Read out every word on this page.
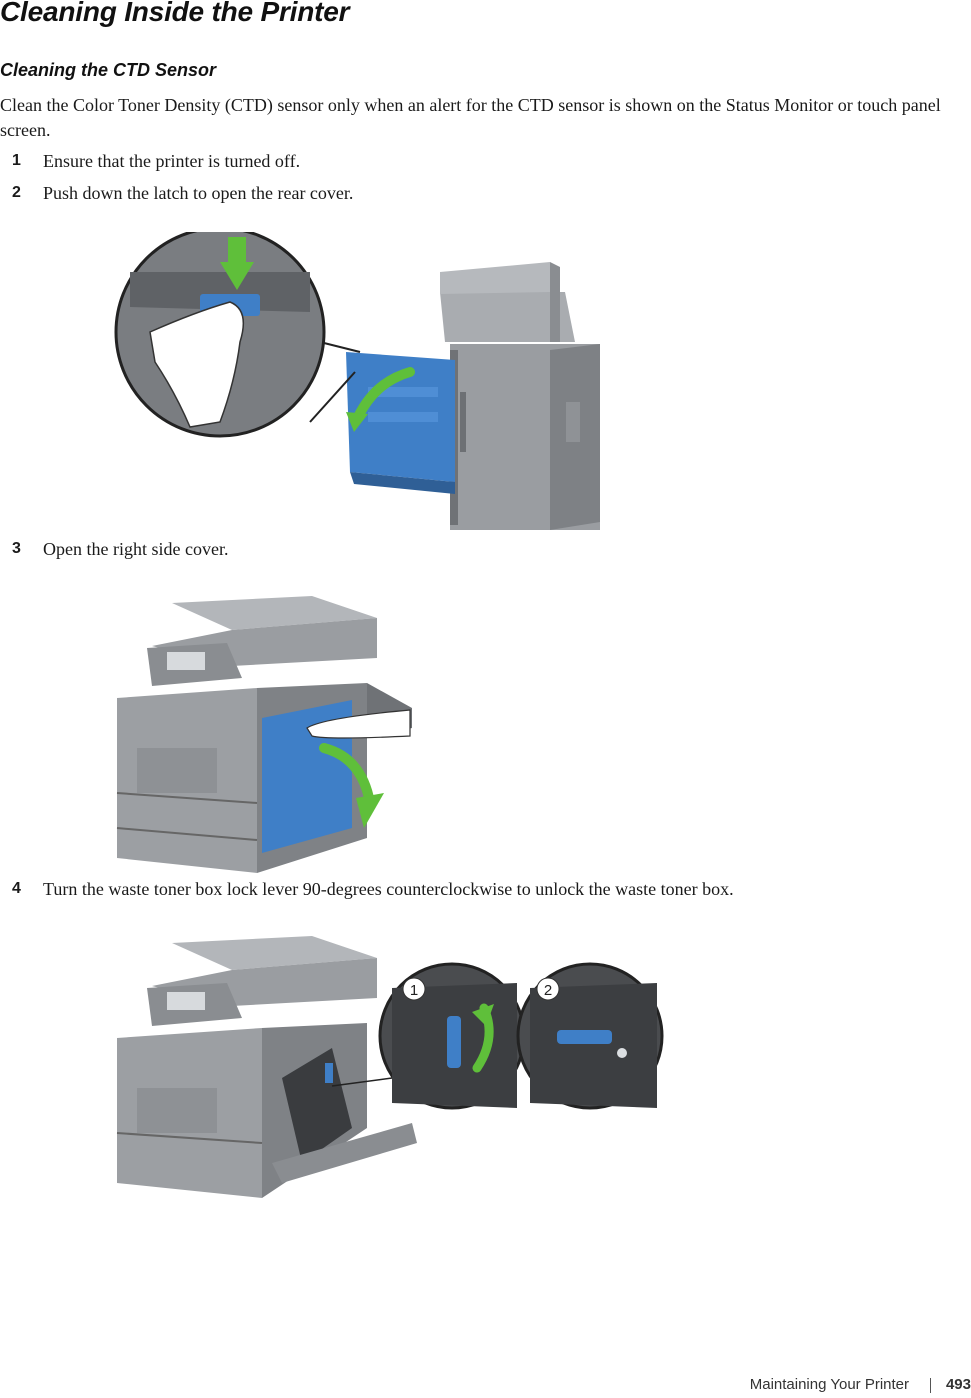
Cleaning Inside the Printer
Cleaning the CTD Sensor

Clean the Color Toner Density (CTD) sensor only when an alert for the CTD sensor is shown on the Status Monitor or touch panel screen.

1 Ensure that the printer is turned off.
2 Push down the latch to open the rear cover.
3 Open the right side cover.
4 Turn the waste toner box lock lever 90-degrees counterclockwise to unlock the waste toner box.
1	2
Maintaining Your Printer 493
